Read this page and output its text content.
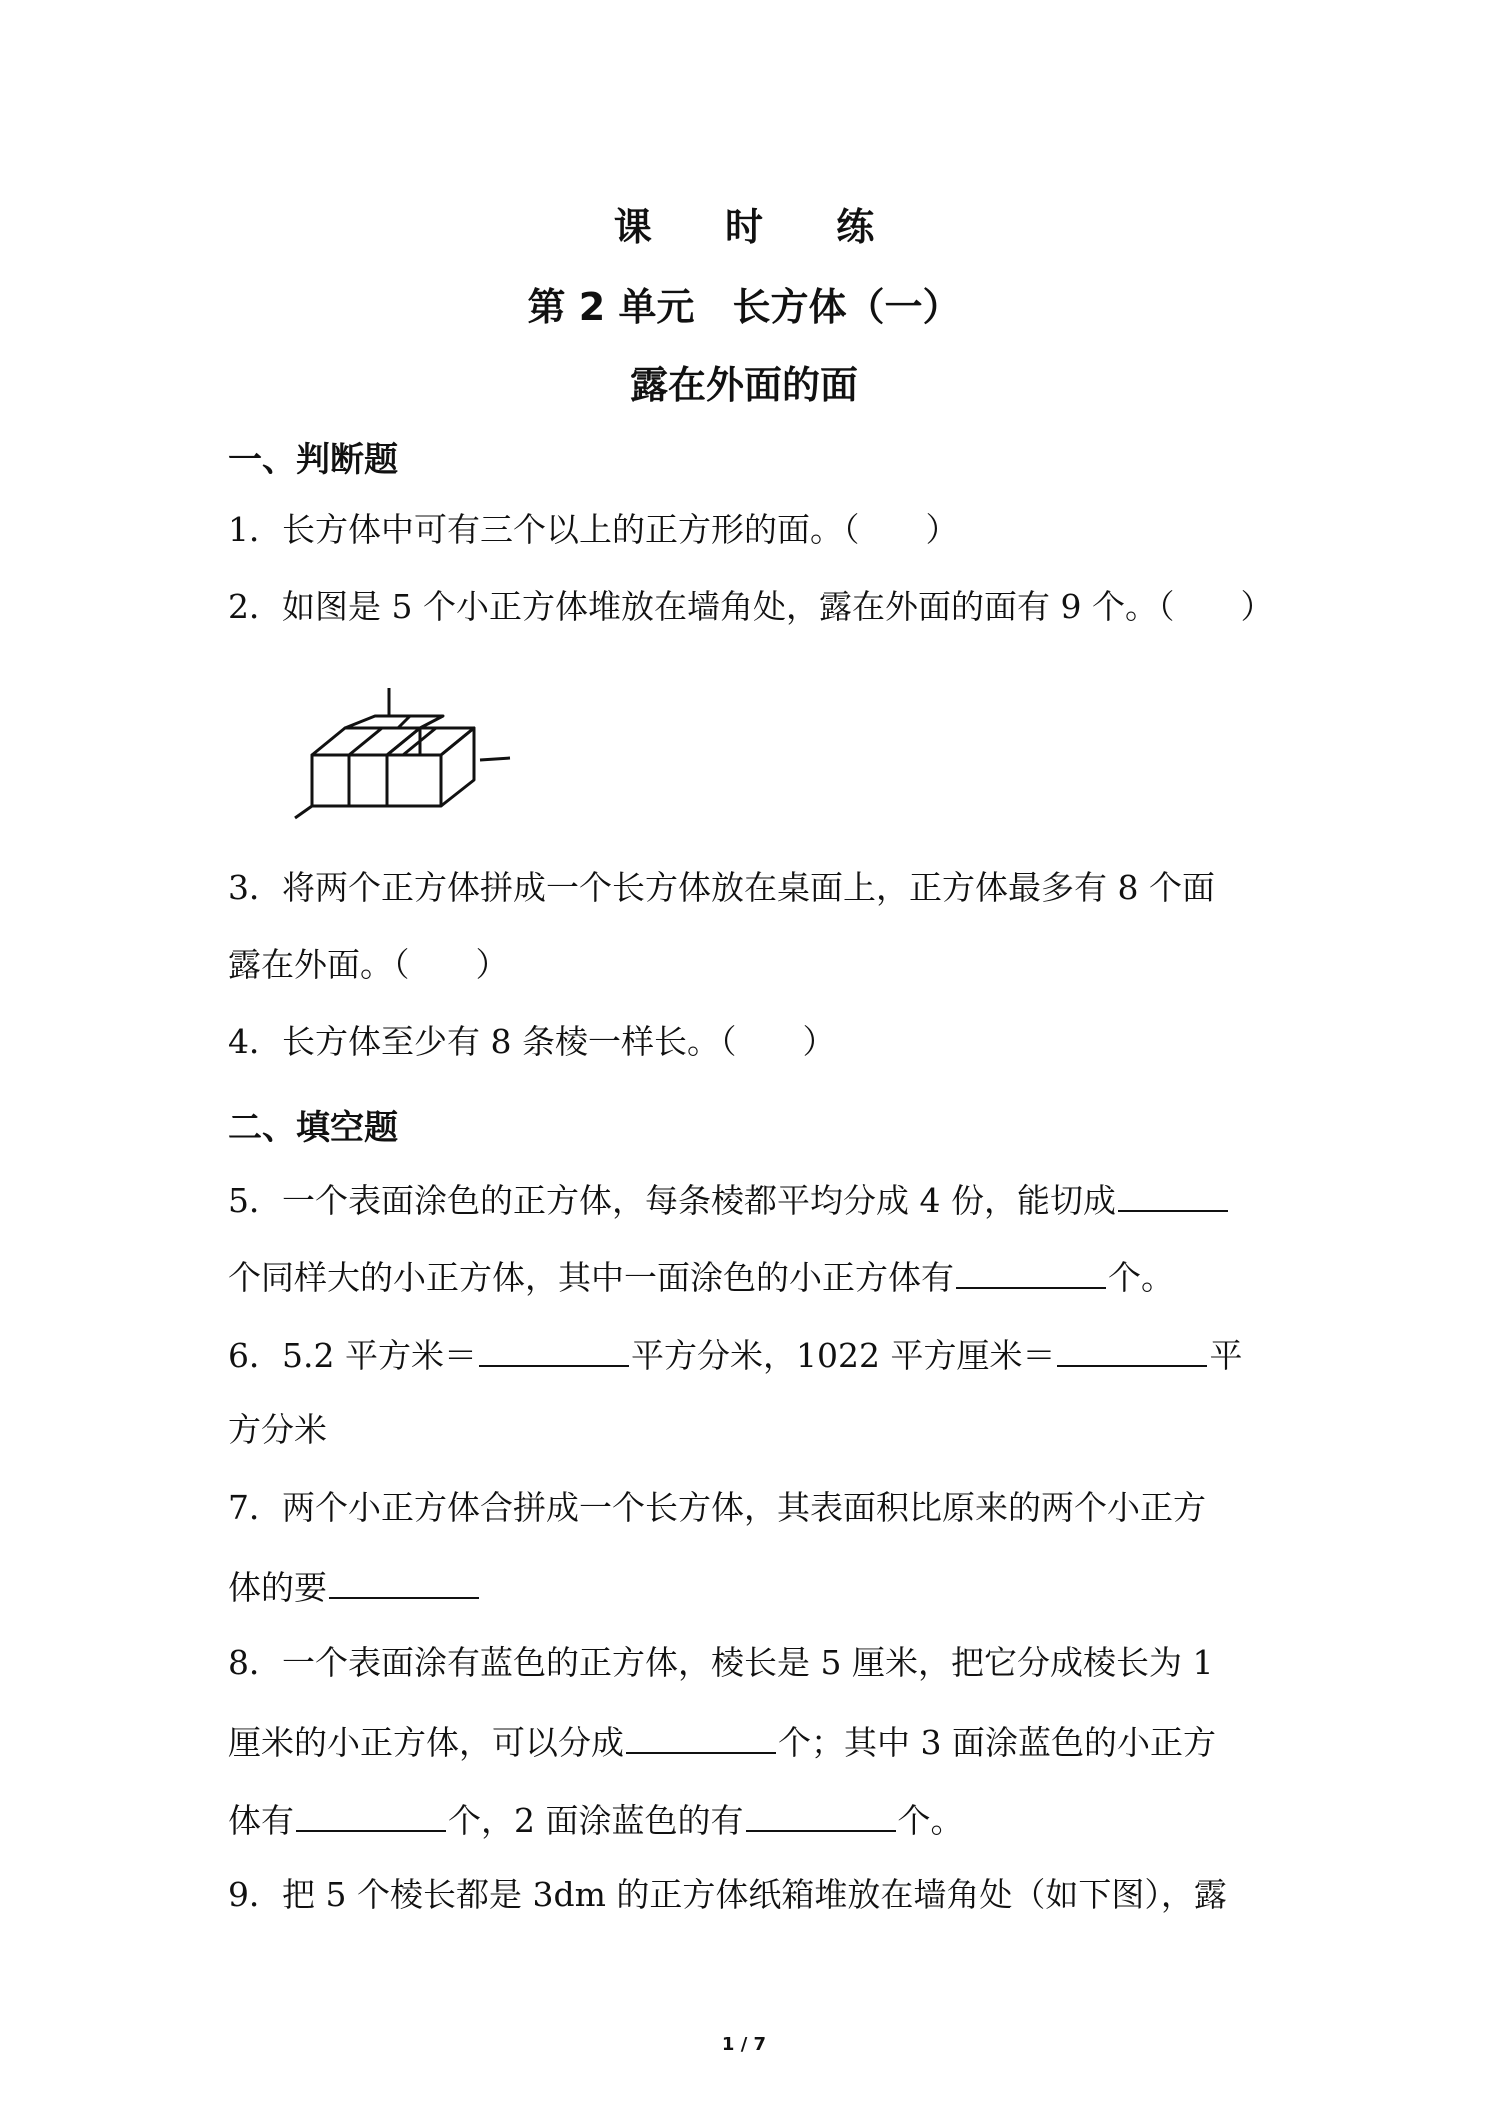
课 时 练
第 2 单元　长方体（一）
露在外面的面
一、判断题
1．长方体中可有三个以上的正方形的面。（　　）
2．如图是 5 个小正方体堆放在墙角处，露在外面的面有 9 个。（　　）
3．将两个正方体拼成一个长方体放在桌面上，正方体最多有 8 个面
露在外面。（　　）
4．长方体至少有 8 条棱一样长。（　　）
二、填空题
5．一个表面涂色的正方体，每条棱都平均分成 4 份，能切成
个同样大的小正方体，其中一面涂色的小正方体有	个。
6．5.2 平方米＝	平方分米，1022 平方厘米＝	平
方分米
7．两个小正方体合拼成一个长方体，其表面积比原来的两个小正方
体的要
8．一个表面涂有蓝色的正方体，棱长是 5 厘米，把它分成棱长为 1
厘米的小正方体，可以分成	个；其中 3 面涂蓝色的小正方
体有	个，2 面涂蓝色的有	个。
9．把 5 个棱长都是 3dm 的正方体纸箱堆放在墙角处（如下图），露
1 / 7
